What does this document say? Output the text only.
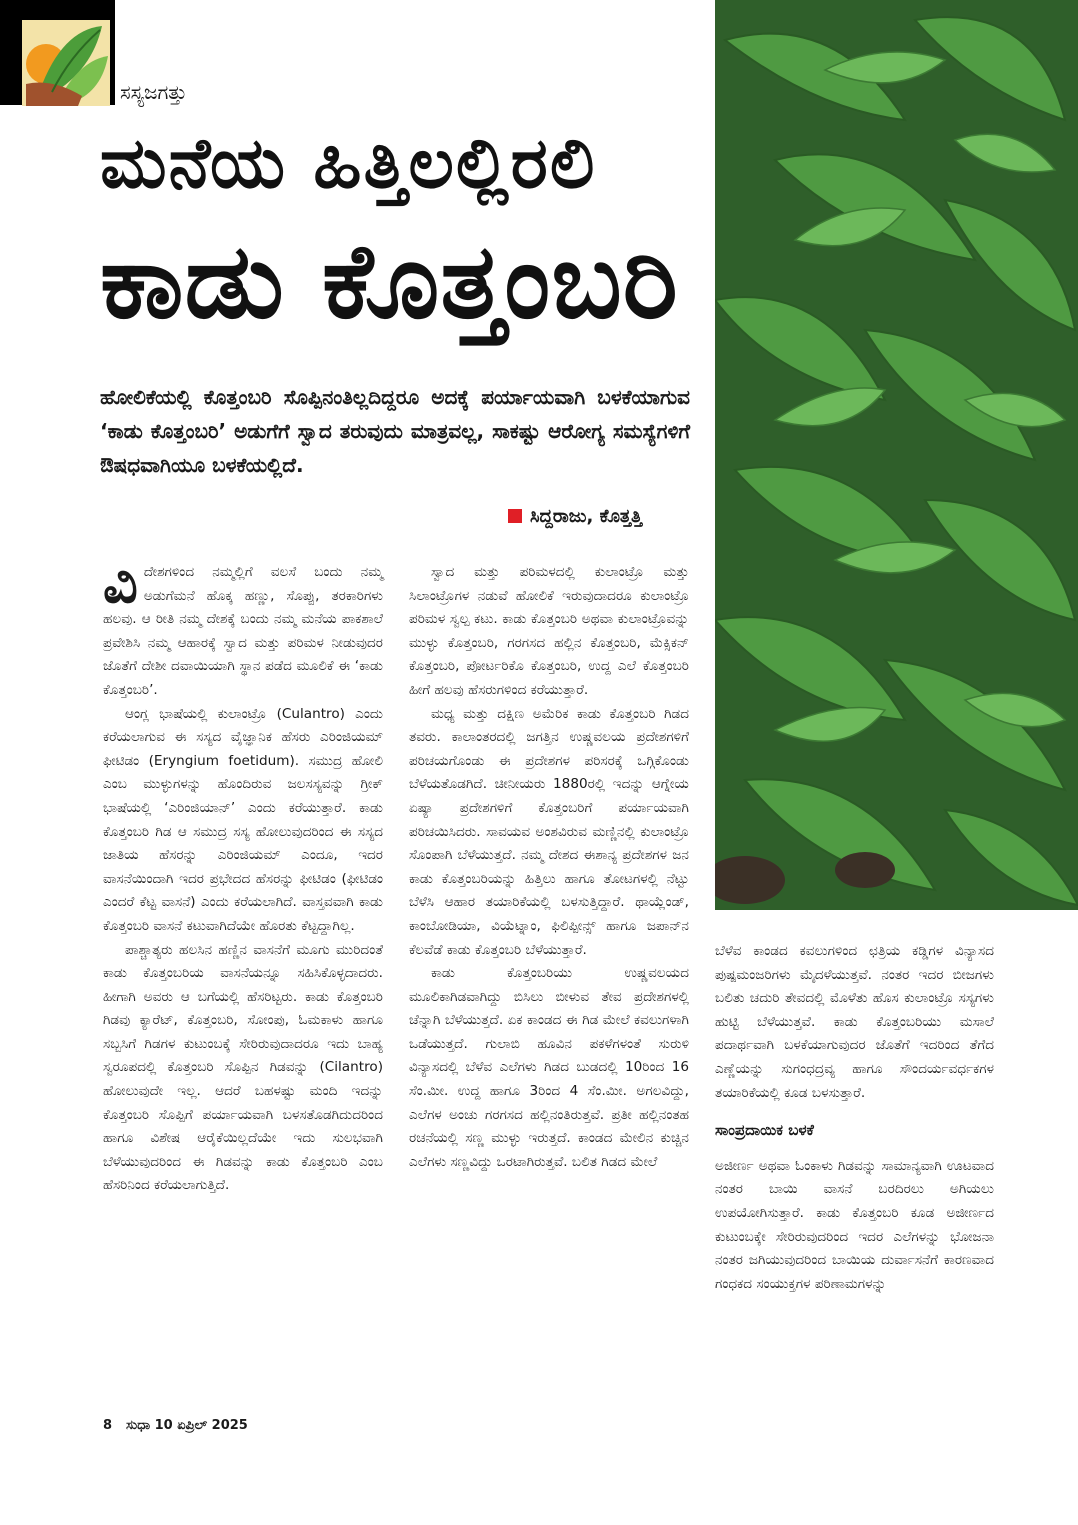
ಸಸ್ಯಜಗತ್ತು
ಮನೆಯ ಹಿತ್ತಿಲಲ್ಲಿರಲಿ
ಕಾಡು ಕೊತ್ತಂಬರಿ
ಹೋಲಿಕೆಯಲ್ಲಿ ಕೊತ್ತಂಬರಿ ಸೊಪ್ಪಿನಂತಿಲ್ಲದಿದ್ದರೂ ಅದಕ್ಕೆ ಪರ್ಯಾಯವಾಗಿ ಬಳಕೆಯಾಗುವ ‘ಕಾಡು ಕೊತ್ತಂಬರಿ’ ಅಡುಗೆಗೆ ಸ್ವಾದ ತರುವುದು ಮಾತ್ರವಲ್ಲ, ಸಾಕಷ್ಟು ಆರೋಗ್ಯ ಸಮಸ್ಯೆಗಳಿಗೆ ಔಷಧವಾಗಿಯೂ ಬಳಕೆಯಲ್ಲಿದೆ.
ಸಿದ್ದರಾಜು, ಕೊತ್ತತ್ತಿ

ವಿದೇಶಗಳಿಂದ ನಮ್ಮಲ್ಲಿಗೆ ವಲಸೆ ಬಂದು ನಮ್ಮ ಅಡುಗೆಮನೆ ಹೊಕ್ಕ ಹಣ್ಣು, ಸೊಪ್ಪು, ತರಕಾರಿಗಳು ಹಲವು. ಆ ರೀತಿ ನಮ್ಮ ದೇಶಕ್ಕೆ ಬಂದು ನಮ್ಮ ಮನೆಯ ಪಾಕಶಾಲೆ ಪ್ರವೇಶಿಸಿ ನಮ್ಮ ಆಹಾರಕ್ಕೆ ಸ್ವಾದ ಮತ್ತು ಪರಿಮಳ ನೀಡುವುದರ ಜೊತೆಗೆ ದೇಶೀ ದವಾಯಿಯಾಗಿ ಸ್ಥಾನ ಪಡೆದ ಮೂಲಿಕೆ ಈ ‘ಕಾಡು ಕೊತ್ತಂಬರಿ’.

ಆಂಗ್ಲ ಭಾಷೆಯಲ್ಲಿ ಕುಲಾಂಟ್ರೊ (Culantro) ಎಂದು ಕರೆಯಲಾಗುವ ಈ ಸಸ್ಯದ ವೈಜ್ಞಾನಿಕ ಹೆಸರು ಎರಿಂಜಿಯಮ್ ಫೀಟಿಡಂ (Eryngium foetidum). ಸಮುದ್ರ ಹೋಲಿ ಎಂಬ ಮುಳ್ಳುಗಳನ್ನು ಹೊಂದಿರುವ ಜಲಸಸ್ಯವನ್ನು ಗ್ರೀಕ್ ಭಾಷೆಯಲ್ಲಿ ‘ಎರಿಂಜಿಯಾನ್’ ಎಂದು ಕರೆಯುತ್ತಾರೆ. ಕಾಡು ಕೊತ್ತಂಬರಿ ಗಿಡ ಆ ಸಮುದ್ರ ಸಸ್ಯ ಹೋಲುವುದರಿಂದ ಈ ಸಸ್ಯದ ಜಾತಿಯ ಹೆಸರನ್ನು ಎರಿಂಜಿಯಮ್ ಎಂದೂ, ಇದರ ವಾಸನೆಯಿಂದಾಗಿ ಇದರ ಪ್ರಭೇದದ ಹೆಸರನ್ನು ಫೀಟಿಡಂ (ಫೀಟಿಡಂ ಎಂದರೆ ಕೆಟ್ಟ ವಾಸನೆ) ಎಂದು ಕರೆಯಲಾಗಿದೆ. ವಾಸ್ತವವಾಗಿ ಕಾಡು ಕೊತ್ತಂಬರಿ ವಾಸನೆ ಕಟುವಾಗಿದೆಯೇ ಹೊರತು ಕೆಟ್ಟದ್ದಾಗಿಲ್ಲ.

ಪಾಶ್ಚಾತ್ಯರು ಹಲಸಿನ ಹಣ್ಣಿನ ವಾಸನೆಗೆ ಮೂಗು ಮುರಿದಂತೆ ಕಾಡು ಕೊತ್ತಂಬರಿಯ ವಾಸನೆಯನ್ನೂ ಸಹಿಸಿಕೊಳ್ಳದಾದರು. ಹೀಗಾಗಿ ಅವರು ಆ ಬಗೆಯಲ್ಲಿ ಹೆಸರಿಟ್ಟರು. ಕಾಡು ಕೊತ್ತಂಬರಿ ಗಿಡವು ಕ್ಯಾರೆಟ್, ಕೊತ್ತಂಬರಿ, ಸೋಂಪು, ಓಮಕಾಳು ಹಾಗೂ ಸಬ್ಬಸಿಗೆ ಗಿಡಗಳ ಕುಟುಂಬಕ್ಕೆ ಸೇರಿರುವುದಾದರೂ ಇದು ಬಾಹ್ಯ ಸ್ವರೂಪದಲ್ಲಿ ಕೊತ್ತಂಬರಿ ಸೊಪ್ಪಿನ ಗಿಡವನ್ನು (Cilantro) ಹೋಲುವುದೇ ಇಲ್ಲ. ಆದರೆ ಬಹಳಷ್ಟು ಮಂದಿ ಇದನ್ನು ಕೊತ್ತಂಬರಿ ಸೊಪ್ಪಿಗೆ ಪರ್ಯಾಯವಾಗಿ ಬಳಸತೊಡಗಿದುದರಿಂದ ಹಾಗೂ ವಿಶೇಷ ಆರೈಕೆಯಿಲ್ಲದೆಯೇ ಇದು ಸುಲಭವಾಗಿ ಬೆಳೆಯುವುದರಿಂದ ಈ ಗಿಡವನ್ನು ಕಾಡು ಕೊತ್ತಂಬರಿ ಎಂಬ ಹೆಸರಿನಿಂದ ಕರೆಯಲಾಗುತ್ತಿದೆ.

ಸ್ವಾದ ಮತ್ತು ಪರಿಮಳದಲ್ಲಿ ಕುಲಾಂಟ್ರೊ ಮತ್ತು ಸಿಲಾಂಟ್ರೊಗಳ ನಡುವೆ ಹೋಲಿಕೆ ಇರುವುದಾದರೂ ಕುಲಾಂಟ್ರೊ ಪರಿಮಳ ಸ್ವಲ್ಪ ಕಟು. ಕಾಡು ಕೊತ್ತಂಬರಿ ಅಥವಾ ಕುಲಾಂಟ್ರೊವನ್ನು ಮುಳ್ಳು ಕೊತ್ತಂಬರಿ, ಗರಗಸದ ಹಲ್ಲಿನ ಕೊತ್ತಂಬರಿ, ಮೆಕ್ಸಿಕನ್ ಕೊತ್ತಂಬರಿ, ಪೋರ್ಟರಿಕೊ ಕೊತ್ತಂಬರಿ, ಉದ್ದ ಎಲೆ ಕೊತ್ತಂಬರಿ ಹೀಗೆ ಹಲವು ಹೆಸರುಗಳಿಂದ ಕರೆಯುತ್ತಾರೆ.

ಮಧ್ಯ ಮತ್ತು ದಕ್ಷಿಣ ಅಮೆರಿಕ ಕಾಡು ಕೊತ್ತಂಬರಿ ಗಿಡದ ತವರು. ಕಾಲಾಂತರದಲ್ಲಿ ಜಗತ್ತಿನ ಉಷ್ಣವಲಯ ಪ್ರದೇಶಗಳಿಗೆ ಪರಿಚಯಗೊಂಡು ಈ ಪ್ರದೇಶಗಳ ಪರಿಸರಕ್ಕೆ ಒಗ್ಗಿಕೊಂಡು ಬೆಳೆಯತೊಡಗಿದೆ. ಚೀನೀಯರು 1880ರಲ್ಲಿ ಇದನ್ನು ಆಗ್ನೇಯ ಏಷ್ಯಾ ಪ್ರದೇಶಗಳಿಗೆ ಕೊತ್ತಂಬರಿಗೆ ಪರ್ಯಾಯವಾಗಿ ಪರಿಚಯಿಸಿದರು. ಸಾವಯವ ಅಂಶವಿರುವ ಮಣ್ಣಿನಲ್ಲಿ ಕುಲಾಂಟ್ರೊ ಸೊಂಪಾಗಿ ಬೆಳೆಯುತ್ತದೆ. ನಮ್ಮ ದೇಶದ ಈಶಾನ್ಯ ಪ್ರದೇಶಗಳ ಜನ ಕಾಡು ಕೊತ್ತಂಬರಿಯನ್ನು ಹಿತ್ತಿಲು ಹಾಗೂ ತೋಟಗಳಲ್ಲಿ ನೆಟ್ಟು ಬೆಳೆಸಿ ಆಹಾರ ತಯಾರಿಕೆಯಲ್ಲಿ ಬಳಸುತ್ತಿದ್ದಾರೆ. ಥಾಯ್ಲೆಂಡ್, ಕಾಂಬೋಡಿಯಾ, ವಿಯೆಟ್ನಾಂ, ಫಿಲಿಪ್ಪೀನ್ಸ್ ಹಾಗೂ ಜಪಾನ್‌ನ ಕೆಲವೆಡೆ ಕಾಡು ಕೊತ್ತಂಬರಿ ಬೆಳೆಯುತ್ತಾರೆ.

ಕಾಡು ಕೊತ್ತಂಬರಿಯು ಉಷ್ಣವಲಯದ ಮೂಲಿಕಾಗಿಡವಾಗಿದ್ದು ಬಿಸಿಲು ಬೀಳುವ ತೇವ ಪ್ರದೇಶಗಳಲ್ಲಿ ಚೆನ್ನಾಗಿ ಬೆಳೆಯುತ್ತದೆ. ಏಕ ಕಾಂಡದ ಈ ಗಿಡ ಮೇಲೆ ಕವಲುಗಳಾಗಿ ಒಡೆಯುತ್ತದೆ. ಗುಲಾಬಿ ಹೂವಿನ ಪಕಳೆಗಳಂತೆ ಸುರುಳಿ ವಿನ್ಯಾಸದಲ್ಲಿ ಬೆಳೆವ ಎಲೆಗಳು ಗಿಡದ ಬುಡದಲ್ಲಿ 10ರಿಂದ 16 ಸೆಂ.ಮೀ. ಉದ್ದ ಹಾಗೂ 3ರಿಂದ 4 ಸೆಂ.ಮೀ. ಅಗಲವಿದ್ದು, ಎಲೆಗಳ ಅಂಚು ಗರಗಸದ ಹಲ್ಲಿನಂತಿರುತ್ತವೆ. ಪ್ರತೀ ಹಲ್ಲಿನಂತಹ ರಚನೆಯಲ್ಲಿ ಸಣ್ಣ ಮುಳ್ಳು ಇರುತ್ತದೆ. ಕಾಂಡದ ಮೇಲಿನ ಕುಚ್ಚಿನ ಎಲೆಗಳು ಸಣ್ಣವಿದ್ದು ಒರಟಾಗಿರುತ್ತವೆ. ಬಲಿತ ಗಿಡದ ಮೇಲೆ

ಬೆಳೆವ ಕಾಂಡದ ಕವಲುಗಳಿಂದ ಛತ್ರಿಯ ಕಡ್ಡಿಗಳ ವಿನ್ಯಾಸದ ಪುಷ್ಪಮಂಜರಿಗಳು ಮೈದಳೆಯುತ್ತವೆ. ನಂತರ ಇದರ ಬೀಜಗಳು ಬಲಿತು ಚದುರಿ ತೇವದಲ್ಲಿ ಮೊಳೆತು ಹೊಸ ಕುಲಾಂಟ್ರೊ ಸಸ್ಯಗಳು ಹುಟ್ಟಿ ಬೆಳೆಯುತ್ತವೆ. ಕಾಡು ಕೊತ್ತಂಬರಿಯು ಮಸಾಲೆ ಪದಾರ್ಥವಾಗಿ ಬಳಕೆಯಾಗುವುದರ ಜೊತೆಗೆ ಇದರಿಂದ ತೆಗೆದ ಎಣ್ಣೆಯನ್ನು ಸುಗಂಧದ್ರವ್ಯ ಹಾಗೂ ಸೌಂದರ್ಯವರ್ಧಕಗಳ ತಯಾರಿಕೆಯಲ್ಲಿ ಕೂಡ ಬಳಸುತ್ತಾರೆ.

ಸಾಂಪ್ರದಾಯಿಕ ಬಳಕೆ

ಅಜೀರ್ಣ ಅಥವಾ ಓಂಕಾಳು ಗಿಡವನ್ನು ಸಾಮಾನ್ಯವಾಗಿ ಊಟವಾದ ನಂತರ ಬಾಯಿ ವಾಸನೆ ಬರದಿರಲು ಅಗಿಯಲು ಉಪಯೋಗಿಸುತ್ತಾರೆ. ಕಾಡು ಕೊತ್ತಂಬರಿ ಕೂಡ ಅಜೀರ್ಣದ ಕುಟುಂಬಕ್ಕೇ ಸೇರಿರುವುದರಿಂದ ಇದರ ಎಲೆಗಳನ್ನು ಭೋಜನಾ ನಂತರ ಜಗಿಯುವುದರಿಂದ ಬಾಯಿಯ ದುರ್ವಾಸನೆಗೆ ಕಾರಣವಾದ ಗಂಧಕದ ಸಂಯುಕ್ತಗಳ ಪರಿಣಾಮಗಳನ್ನು

8 ಸುಧಾ 10 ಏಪ್ರಿಲ್ 2025
